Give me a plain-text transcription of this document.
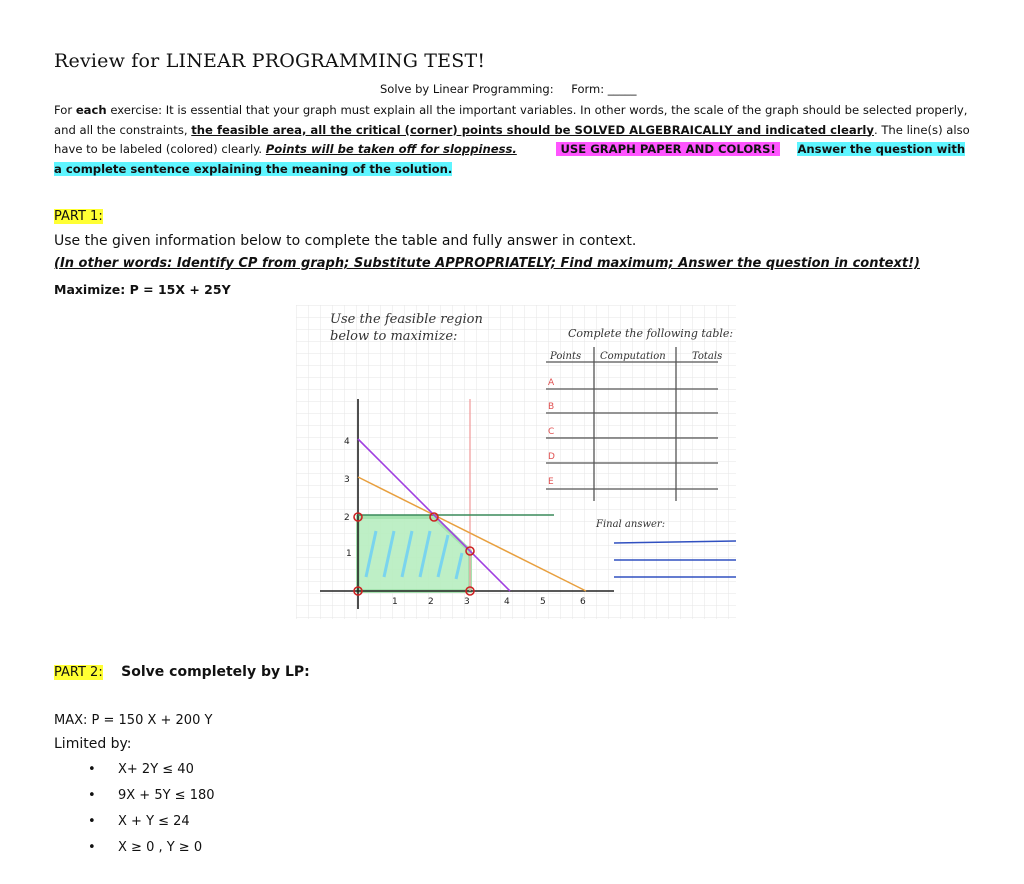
Review for LINEAR PROGRAMMING TEST!
Solve by Linear Programming: Form: _____
For each exercise: It is essential that your graph must explain all the important variables. In other words, the scale of the graph should be selected properly, and all the constraints, the feasible area, all the critical (corner) points should be SOLVED ALGEBRAICALLY and indicated clearly. The line(s) also have to be labeled (colored) clearly. Points will be taken off for sloppiness.	USE GRAPH PAPER AND COLORS! Answer the question with a complete sentence explaining the meaning of the solution.
PART 1:
Use the given information below to complete the table and fully answer in context.
(In other words: Identify CP from graph; Substitute APPROPRIATELY; Find maximum; Answer the question in context!)
Maximize: P = 15X + 25Y
Use the feasible region
below to maximize:	Complete the following table:
Points Computation	Totals
A
B
C
D
E
Final answer:
1	2	3	4	5	6
1
2
3
4
PART 2: Solve completely by LP:
MAX: P = 150 X + 200 Y
Limited by:
• X+ 2Y ≤ 40
• 9X + 5Y ≤ 180
• X + Y ≤ 24
• X ≥ 0 , Y ≥ 0
